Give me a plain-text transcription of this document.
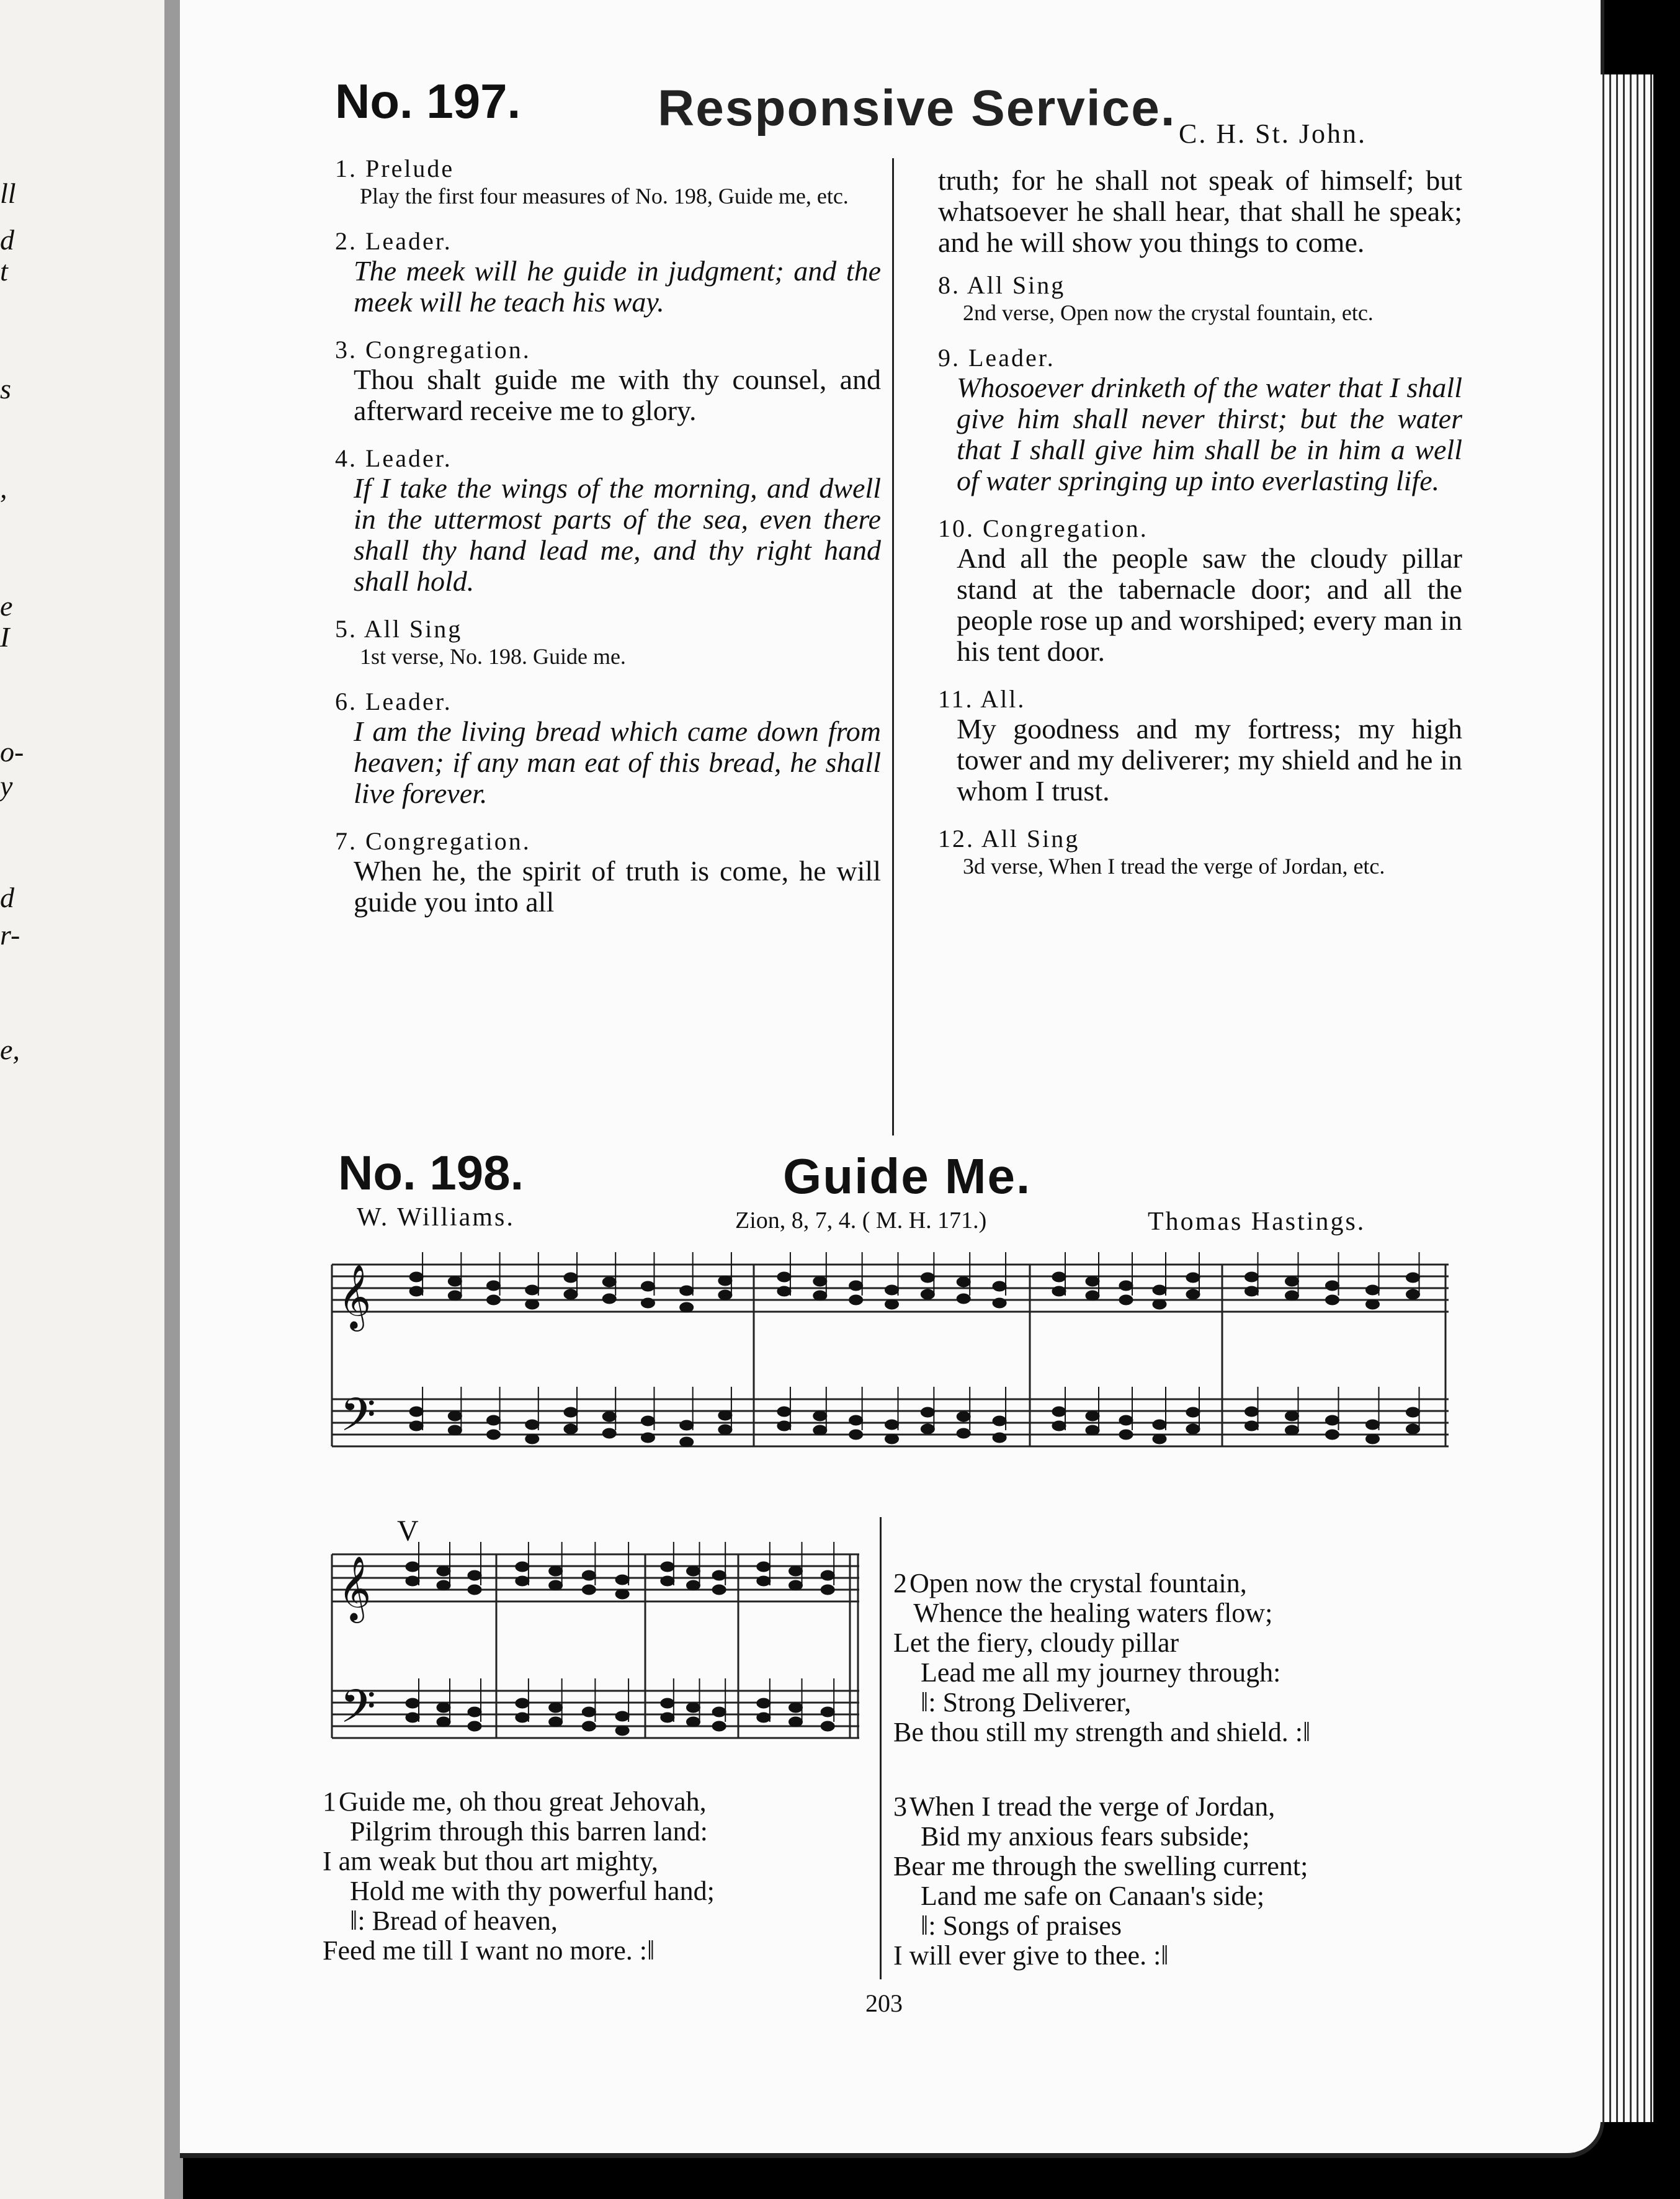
ll
d
t
s
,
e
I
o-
y
d
r-
e,
No. 197.	Responsive Service. C. H. St. John.
1. Prelude
Play the first four measures of No. 198, Guide me, etc.
2. Leader.
The meek will he guide in judgment; and the meek will he teach his way.
3. Congregation.
Thou shalt guide me with thy counsel, and afterward receive me to glory.
4. Leader.
If I take the wings of the morning, and dwell in the uttermost parts of the sea, even there shall thy hand lead me, and thy right hand shall hold.
5. All Sing
1st verse, No. 198. Guide me.
6. Leader.
I am the living bread which came down from heaven; if any man eat of this bread, he shall live forever.
7. Congregation.
When he, the spirit of truth is come, he will guide you into all
truth; for he shall not speak of himself; but whatsoever he shall hear, that shall he speak; and he will show you things to come.
8. All Sing
2nd verse, Open now the crystal fountain, etc.
9. Leader.
Whosoever drinketh of the water that I shall give him shall never thirst; but the water that I shall give him shall be in him a well of water springing up into everlasting life.
10. Congregation.
And all the people saw the cloudy pillar stand at the tabernacle door; and all the people rose up and worshiped; every man in his tent door.
11. All.
My goodness and my fortress; my high tower and my deliverer; my shield and he in whom I trust.
12. All Sing
3d verse, When I tread the verge of Jordan, etc.
No. 198.	Guide Me.
W. Williams.	Zion, 8, 7, 4. ( M. H. 171.)	Thomas Hastings.
𝄞
𝄢
𝄞
𝄢
V
1 Guide me, oh thou great Jehovah,
Pilgrim through this barren land:
I am weak but thou art mighty,
Hold me with thy powerful hand;
‖: Bread of heaven,
Feed me till I want no more. :‖
2 Open now the crystal fountain,
Whence the healing waters flow;
Let the fiery, cloudy pillar
Lead me all my journey through:
‖: Strong Deliverer,
Be thou still my strength and shield. :‖
3 When I tread the verge of Jordan,
Bid my anxious fears subside;
Bear me through the swelling current;
Land me safe on Canaan's side;
‖: Songs of praises
I will ever give to thee. :‖
203
